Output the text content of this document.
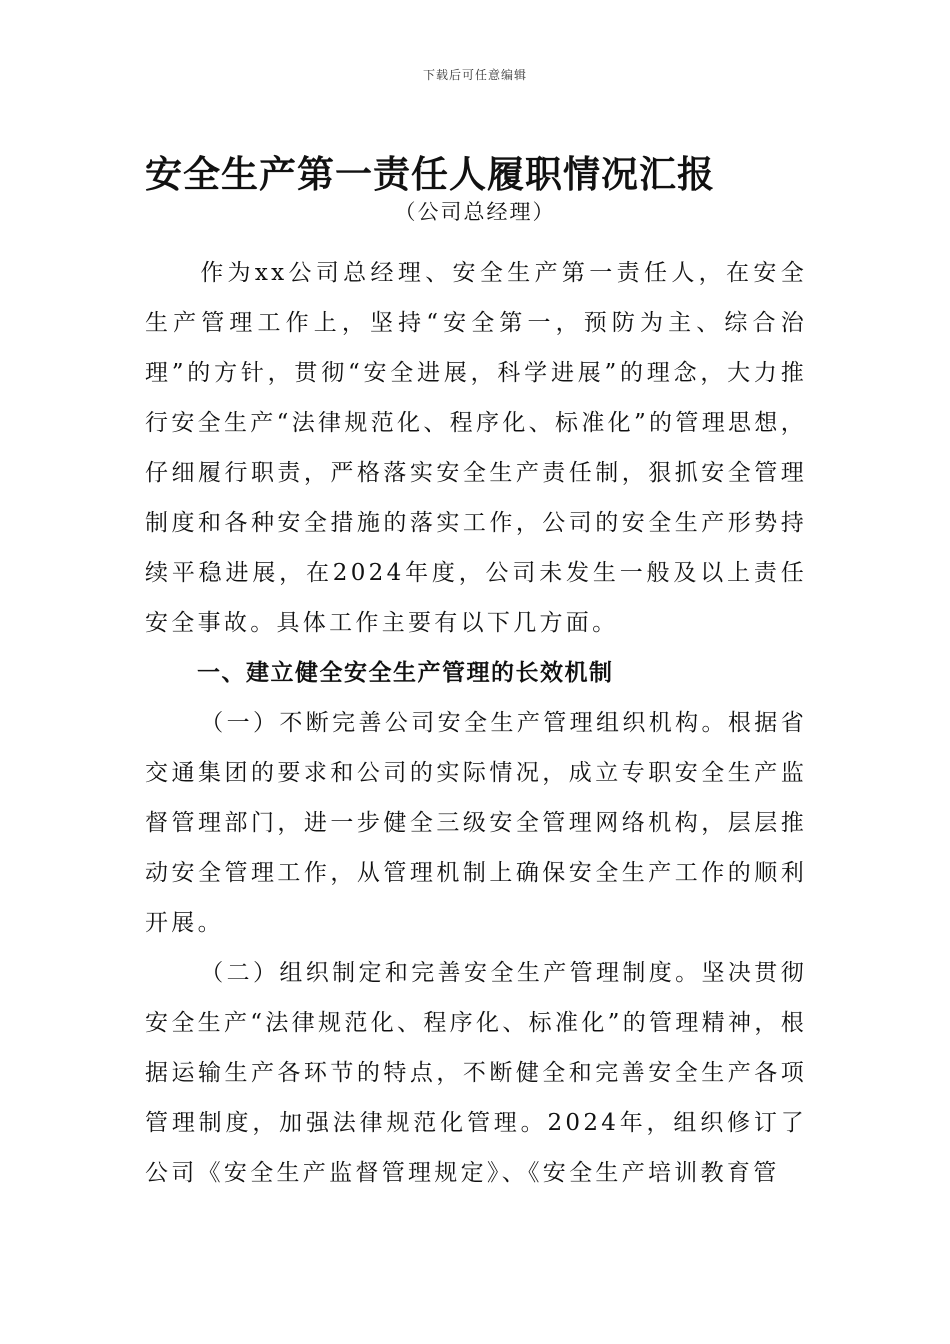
下载后可任意编辑
安全生产第一责任人履职情况汇报
（公司总经理）

作为xx公司总经理、安全生产第一责任人，在安全生产管理工作上，坚持“安全第一，预防为主、综合治理”的方针，贯彻“安全进展，科学进展”的理念，大力推行安全生产“法律规范化、程序化、标准化”的管理思想，仔细履行职责，严格落实安全生产责任制，狠抓安全管理制度和各种安全措施的落实工作，公司的安全生产形势持续平稳进展，在2024年度，公司未发生一般及以上责任安全事故。具体工作主要有以下几方面。

一、建立健全安全生产管理的长效机制

（一）不断完善公司安全生产管理组织机构。根据省交通集团的要求和公司的实际情况，成立专职安全生产监督管理部门，进一步健全三级安全管理网络机构，层层推动安全管理工作，从管理机制上确保安全生产工作的顺利开展。

（二）组织制定和完善安全生产管理制度。坚决贯彻安全生产“法律规范化、程序化、标准化”的管理精神，根据运输生产各环节的特点，不断健全和完善安全生产各项管理制度，加强法律规范化管理。2024年，组织修订了公司《安全生产监督管理规定》、《安全生产培训教育管
